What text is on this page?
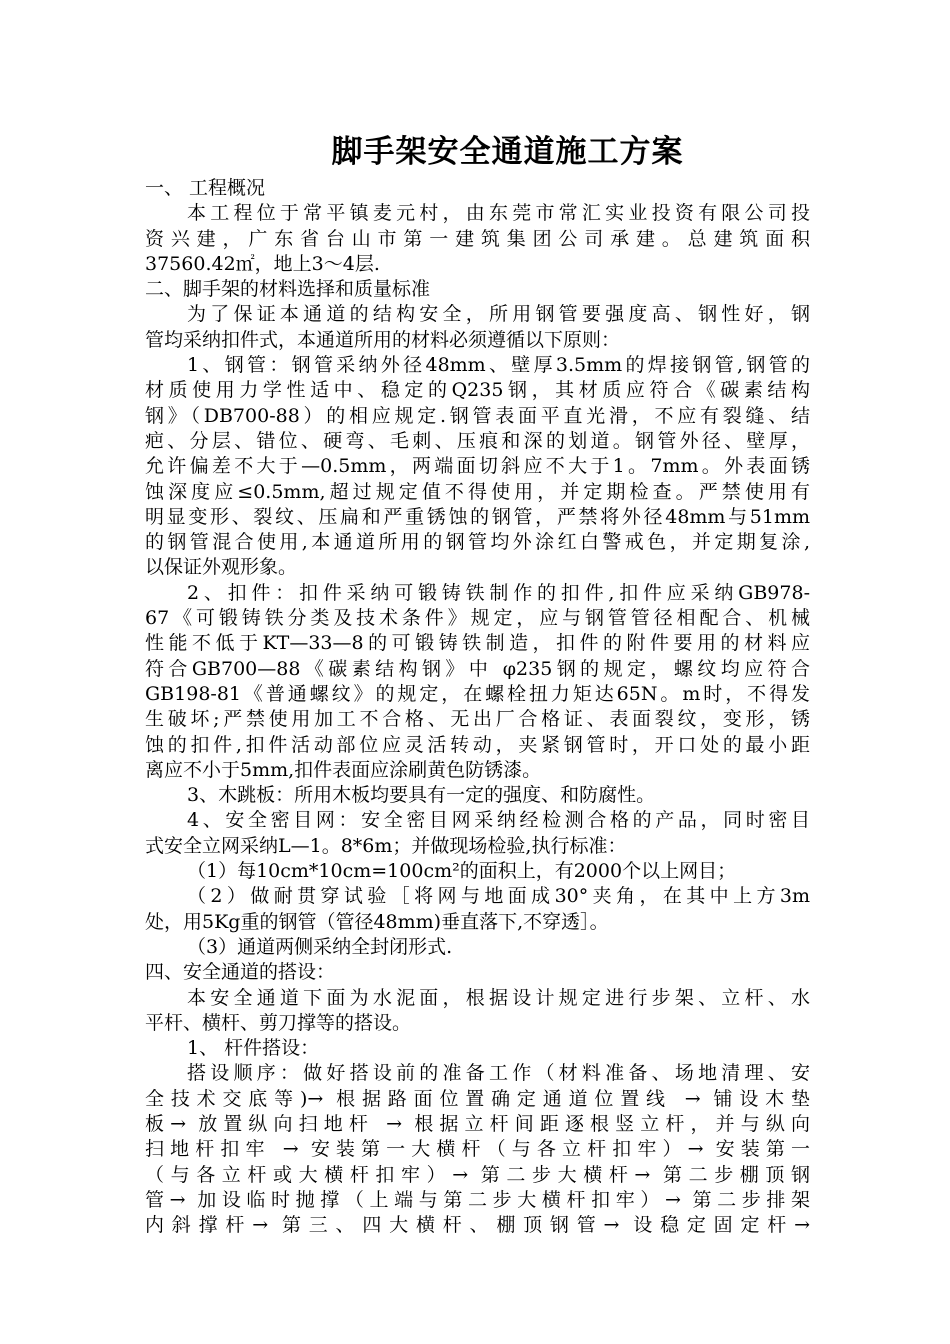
脚手架安全通道施工方案
一、 工程概况
本工程位于常平镇麦元村，由东莞市常汇实业投资有限公司投
资兴建，广东省台山市第一建筑集团公司承建。总建筑面积
37560.42㎡，地上3～4层.
二、脚手架的材料选择和质量标准
为了保证本通道的结构安全，所用钢管要强度高、钢性好，钢
管均采纳扣件式，本通道所用的材料必须遵循以下原则：
1、钢管：钢管采纳外径48mm、壁厚3.5mm的焊接钢管,钢管的
材质使用力学性适中、稳定的Q235钢，其材质应符合《碳素结构
钢》（DB700-88）的相应规定.钢管表面平直光滑，不应有裂缝、结
疤、分层、错位、硬弯、毛刺、压痕和深的划道。钢管外径、壁厚，
允许偏差不大于—0.5mm，两端面切斜应不大于1。7mm。外表面锈
蚀深度应≤0.5mm,超过规定值不得使用，并定期检查。严禁使用有
明显变形、裂纹、压扁和严重锈蚀的钢管，严禁将外径48mm与51mm
的钢管混合使用,本通道所用的钢管均外涂红白警戒色，并定期复涂,
以保证外观形象。
2、扣件：扣件采纳可锻铸铁制作的扣件,扣件应采纳GB978-
67《可锻铸铁分类及技术条件》规定，应与钢管管径相配合、机械
性能不低于KT—33—8的可锻铸铁制造，扣件的附件要用的材料应
符合GB700—88《碳素结构钢》中 φ235钢的规定，螺纹均应符合
GB198-81《普通螺纹》的规定，在螺栓扭力矩达65N。m时，不得发
生破坏;严禁使用加工不合格、无出厂合格证、表面裂纹，变形，锈
蚀的扣件,扣件活动部位应灵活转动，夹紧钢管时，开口处的最小距
离应不小于5mm,扣件表面应涂刷黄色防锈漆。
3、木跳板：所用木板均要具有一定的强度、和防腐性。
4、安全密目网：安全密目网采纳经检测合格的产品，同时密目
式安全立网采纳L—1。8*6m；并做现场检验,执行标准：
（1）每10cm*10cm=100cm²的面积上，有2000个以上网目；
（2）做耐贯穿试验［将网与地面成30°夹角，在其中上方3m
处，用5Kg重的钢管（管径48mm)垂直落下,不穿透］。
（3）通道两侧采纳全封闭形式.
四、安全通道的搭设：
本安全通道下面为水泥面，根据设计规定进行步架、立杆、水
平杆、横杆、剪刀撑等的搭设。
1、 杆件搭设：
搭设顺序：做好搭设前的准备工作（材料准备、场地清理、安
全技术交底等)→ 根据路面位置确定通道位置线 → 铺设木垫
板→ 放置纵向扫地杆 → 根据立杆间距逐根竖立杆，并与纵向
扫地杆扣牢 → 安装第一大横杆（与各立杆扣牢）→ 安装第一
（与各立杆或大横杆扣牢）→ 第二步大横杆→ 第二步棚顶钢
管→ 加设临时抛撑（上端与第二步大横杆扣牢）→ 第二步排架
内斜撑杆→ 第三、四大横杆、棚顶钢管→ 设稳定固定杆→
